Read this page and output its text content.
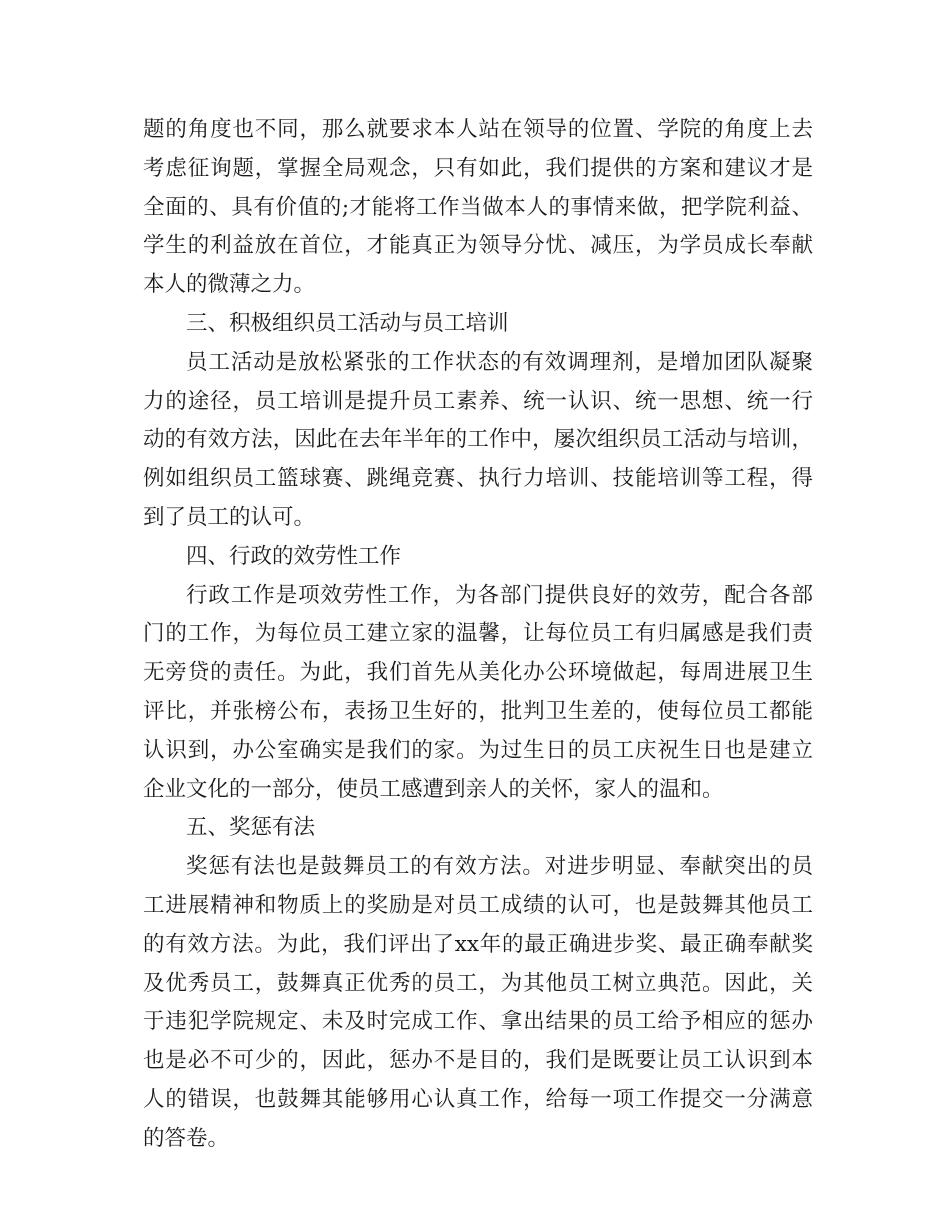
题的角度也不同，那么就要求本人站在领导的位置、学院的角度上去
考虑征询题，掌握全局观念，只有如此，我们提供的方案和建议才是
全面的、具有价值的;才能将工作当做本人的事情来做，把学院利益、
学生的利益放在首位，才能真正为领导分忧、减压，为学员成长奉献
本人的微薄之力。
三、积极组织员工活动与员工培训
员工活动是放松紧张的工作状态的有效调理剂，是增加团队凝聚
力的途径，员工培训是提升员工素养、统一认识、统一思想、统一行
动的有效方法，因此在去年半年的工作中，屡次组织员工活动与培训，
例如组织员工篮球赛、跳绳竞赛、执行力培训、技能培训等工程，得
到了员工的认可。
四、行政的效劳性工作
行政工作是项效劳性工作，为各部门提供良好的效劳，配合各部
门的工作，为每位员工建立家的温馨，让每位员工有归属感是我们责
无旁贷的责任。为此，我们首先从美化办公环境做起，每周进展卫生
评比，并张榜公布，表扬卫生好的，批判卫生差的，使每位员工都能
认识到，办公室确实是我们的家。为过生日的员工庆祝生日也是建立
企业文化的一部分，使员工感遭到亲人的关怀，家人的温和。
五、奖惩有法
奖惩有法也是鼓舞员工的有效方法。对进步明显、奉献突出的员
工进展精神和物质上的奖励是对员工成绩的认可，也是鼓舞其他员工
的有效方法。为此，我们评出了xx年的最正确进步奖、最正确奉献奖
及优秀员工，鼓舞真正优秀的员工，为其他员工树立典范。因此，关
于违犯学院规定、未及时完成工作、拿出结果的员工给予相应的惩办
也是必不可少的，因此，惩办不是目的，我们是既要让员工认识到本
人的错误，也鼓舞其能够用心认真工作，给每一项工作提交一分满意
的答卷。
